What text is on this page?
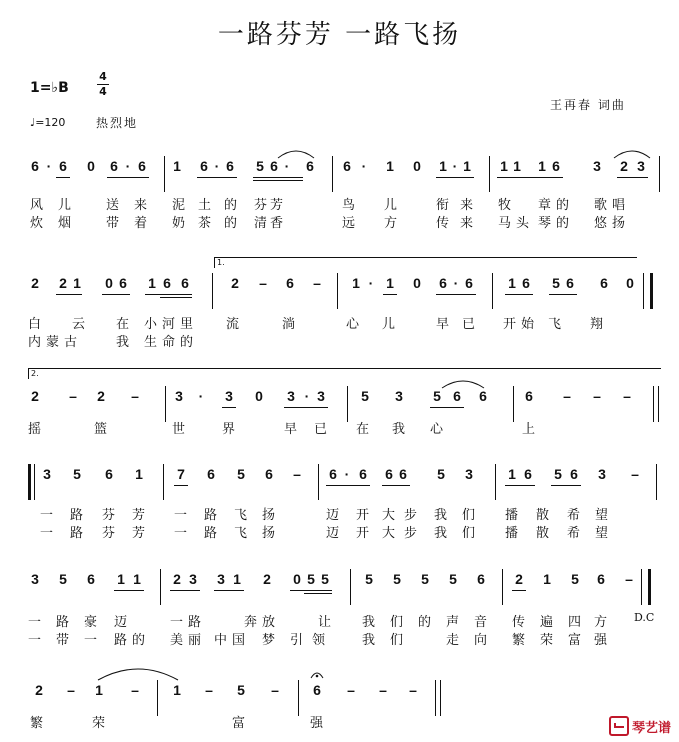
一路芬芳 一路飞扬
1=♭B
4
4
王再春 词曲
♩=120	热烈地
6 · 6 0 6 · 6 1 6 · 6 5 6 ·	6 6 ·	1 0 1 · 1 1 1 1 6 3 2 3
风 儿	送 来 泥 土 的 芬 芳	鸟 儿	衔 来 牧 章 的 歌 唱
炊 烟	带 着 奶 茶 的 清 香	远 方	传 来 马 头 琴 的 悠 扬
1.
2 2 1 0 6 1 6 6	2 – 6 – 1 · 1 0 6 · 6	1 6 5 6 6 0
白 云 在 小 河 里	流	淌	心 儿	早 已 开 始 飞 翔
内 蒙 古	我 生 命 的
2.
2 – 2 –	3	·	3 0 3 · 3	5 3 5 6 6	6 – – –
摇	篮	世	界	早 已 在 我 心	上
3 5 6 1 7 6 5 6 – 6 · 6 6 6 5 3	1 6 5 6 3 –
一 路 芬 芳 一 路 飞 扬	迈 开 大 步 我 们 播 散 希 望
一 路 芬 芳 一 路 飞 扬	迈 开 大 步 我 们 播 散 希 望
3 5 6 1 1 2 3 3 1 2 0 5 5	5 5 5 5 6 2 1 5 6 –
一 路 豪 迈	一 路	奔 放	让 我 们 的 声 音 传 遍 四 方 D.C
一 带 一 路 的 美 丽 中 国 梦 引 领	我 们	走 向 繁 荣 富 强
2 – 1 – 1 – 5 – 6 – – –
繁	荣	富	强	琴艺谱
